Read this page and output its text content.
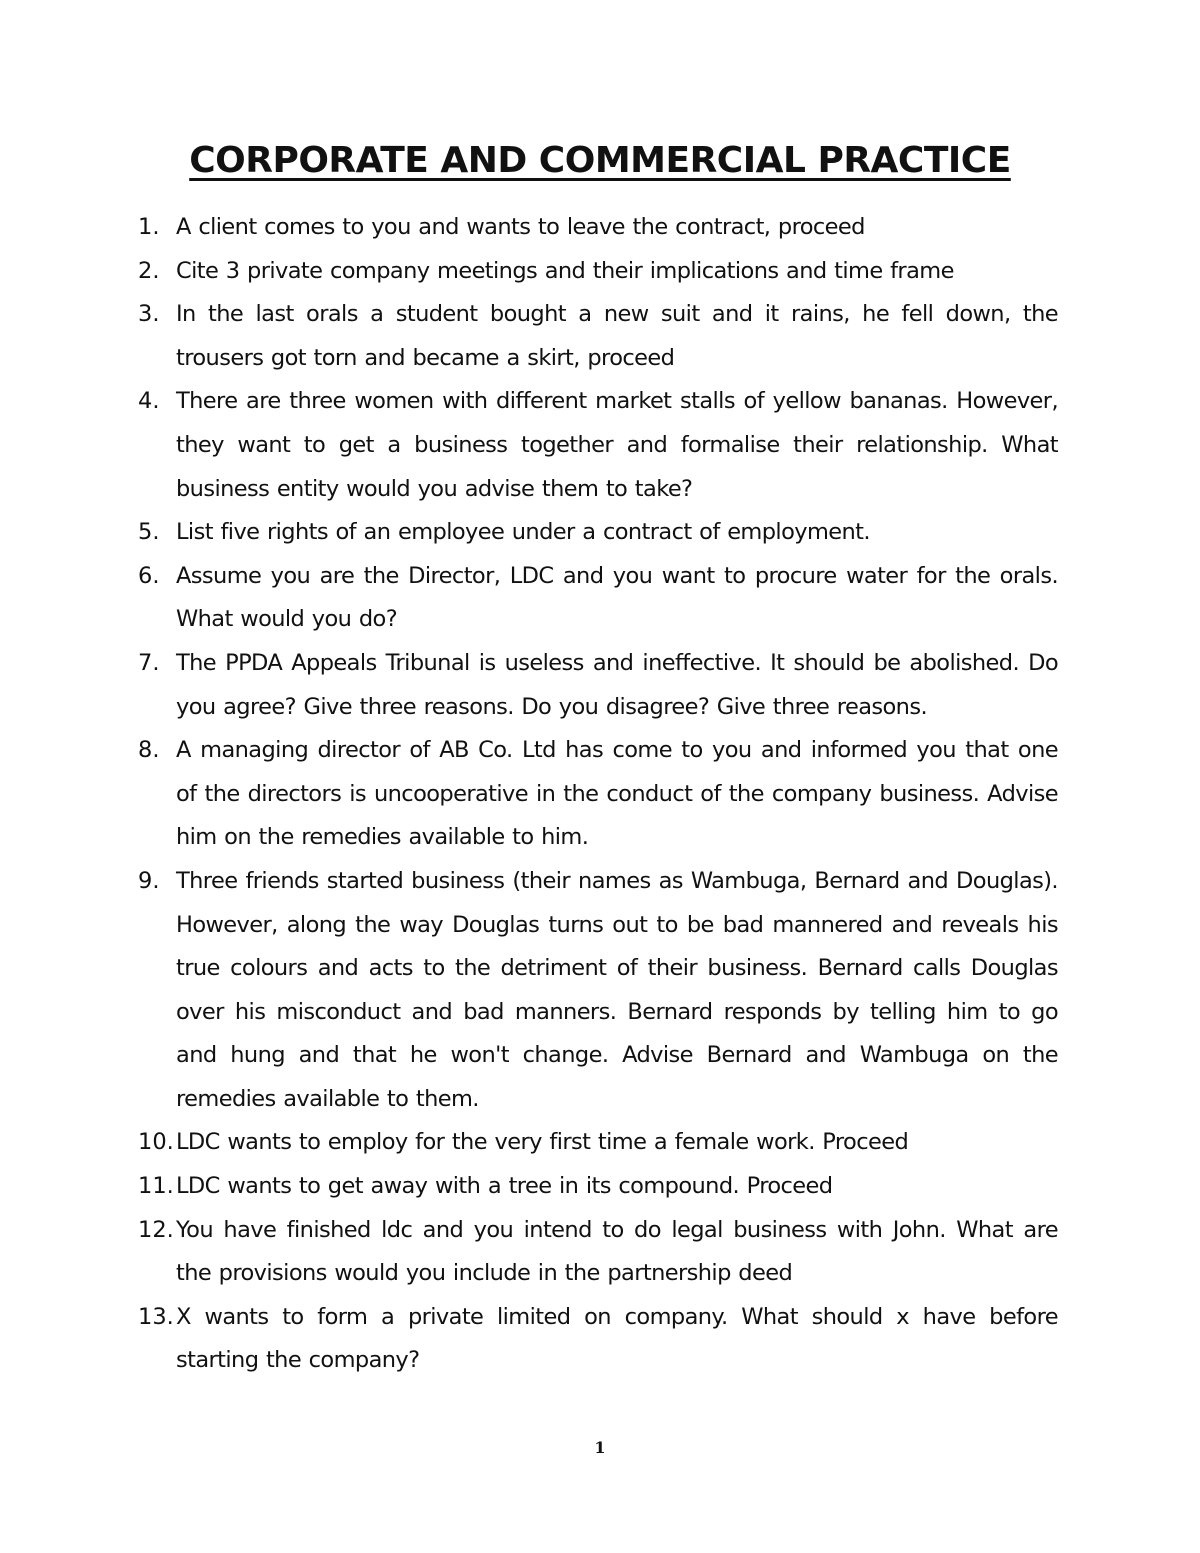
CORPORATE AND COMMERCIAL PRACTICE
1. A client comes to you and wants to leave the contract, proceed
2. Cite 3 private company meetings and their implications and time frame
3. In the last orals a student bought a new suit and it rains, he fell down, the trousers got torn and became a skirt, proceed
4. There are three women with different market stalls of yellow bananas. However, they want to get a business together and formalise their relationship. What business entity would you advise them to take?
5. List five rights of an employee under a contract of employment.
6. Assume you are the Director, LDC and you want to procure water for the orals. What would you do?
7. The PPDA Appeals Tribunal is useless and ineffective. It should be abolished. Do you agree? Give three reasons. Do you disagree? Give three reasons.
8. A managing director of AB Co. Ltd has come to you and informed you that one of the directors is uncooperative in the conduct of the company business. Advise him on the remedies available to him.
9. Three friends started business (their names as Wambuga, Bernard and Douglas). However, along the way Douglas turns out to be bad mannered and reveals his true colours and acts to the detriment of their business. Bernard calls Douglas over his misconduct and bad manners. Bernard responds by telling him to go and hung and that he won't change. Advise Bernard and Wambuga on the remedies available to them.
10. LDC wants to employ for the very first time a female work. Proceed
11. LDC wants to get away with a tree in its compound. Proceed
12. You have finished ldc and you intend to do legal business with John. What are the provisions would you include in the partnership deed
13. X wants to form a private limited on company. What should x have before starting the company?
1
